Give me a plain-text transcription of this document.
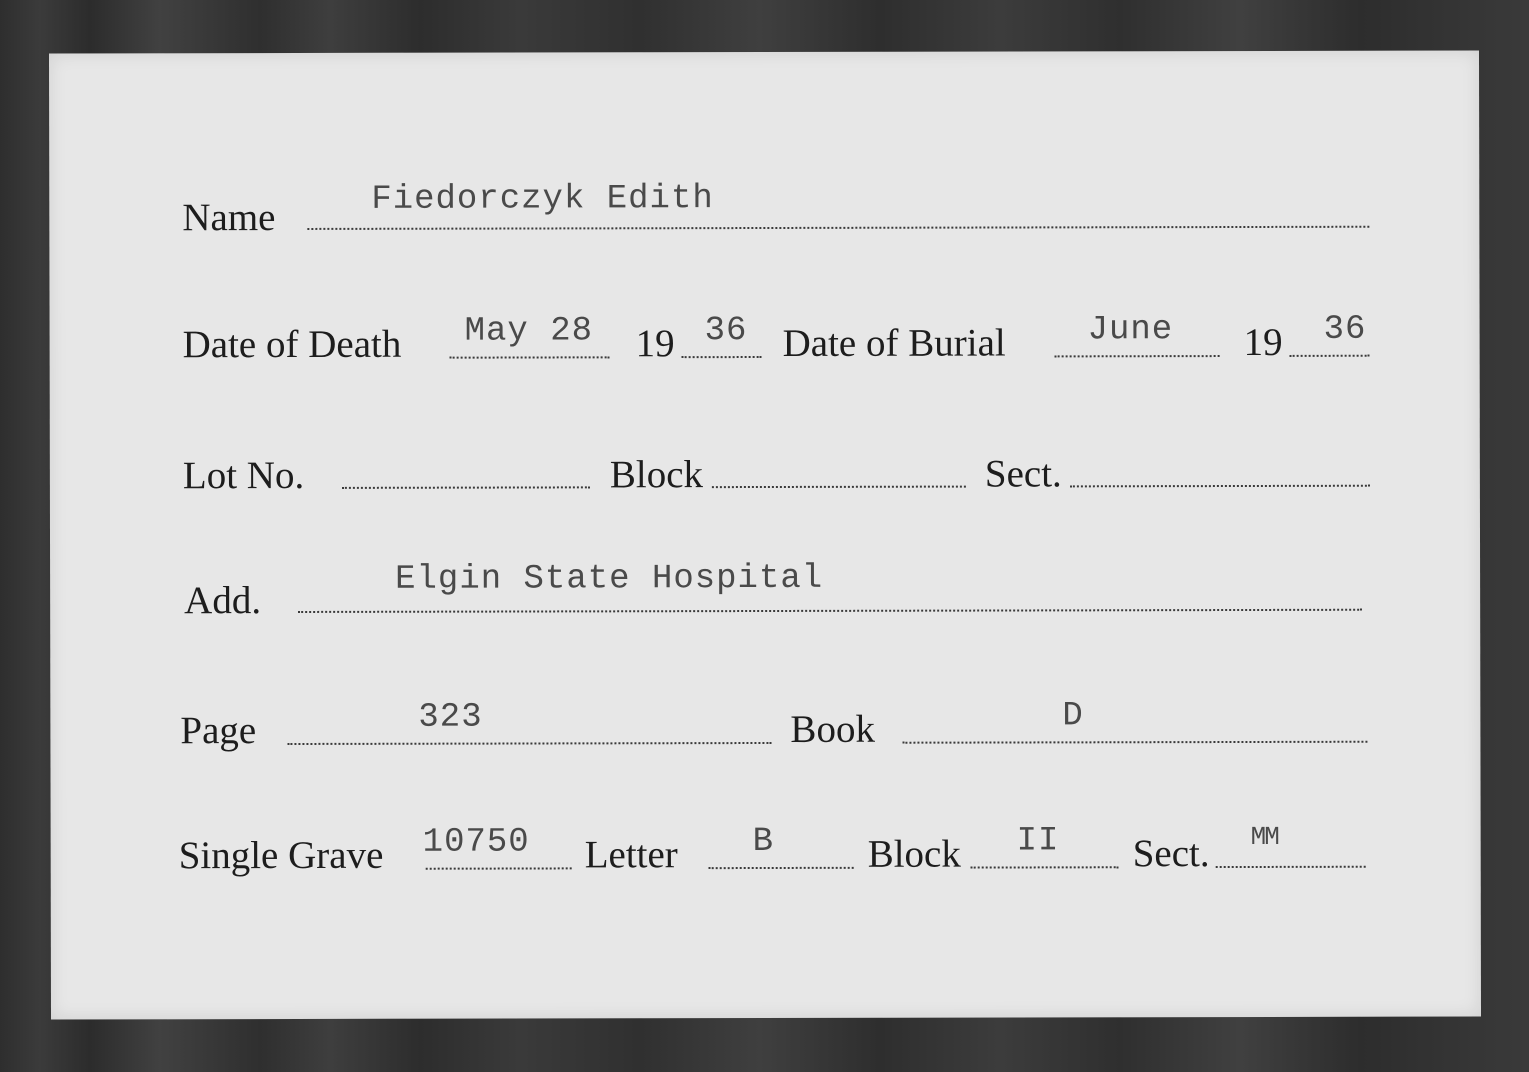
Name	Fiedorczyk Edith
Date of Death May 28 19 36 Date of Burial June 19 36
Lot No.	Block	Sect.
Add.	Elgin State Hospital
Page	323	Book	D
Single Grave 10750 Letter B Block II Sect. MM
